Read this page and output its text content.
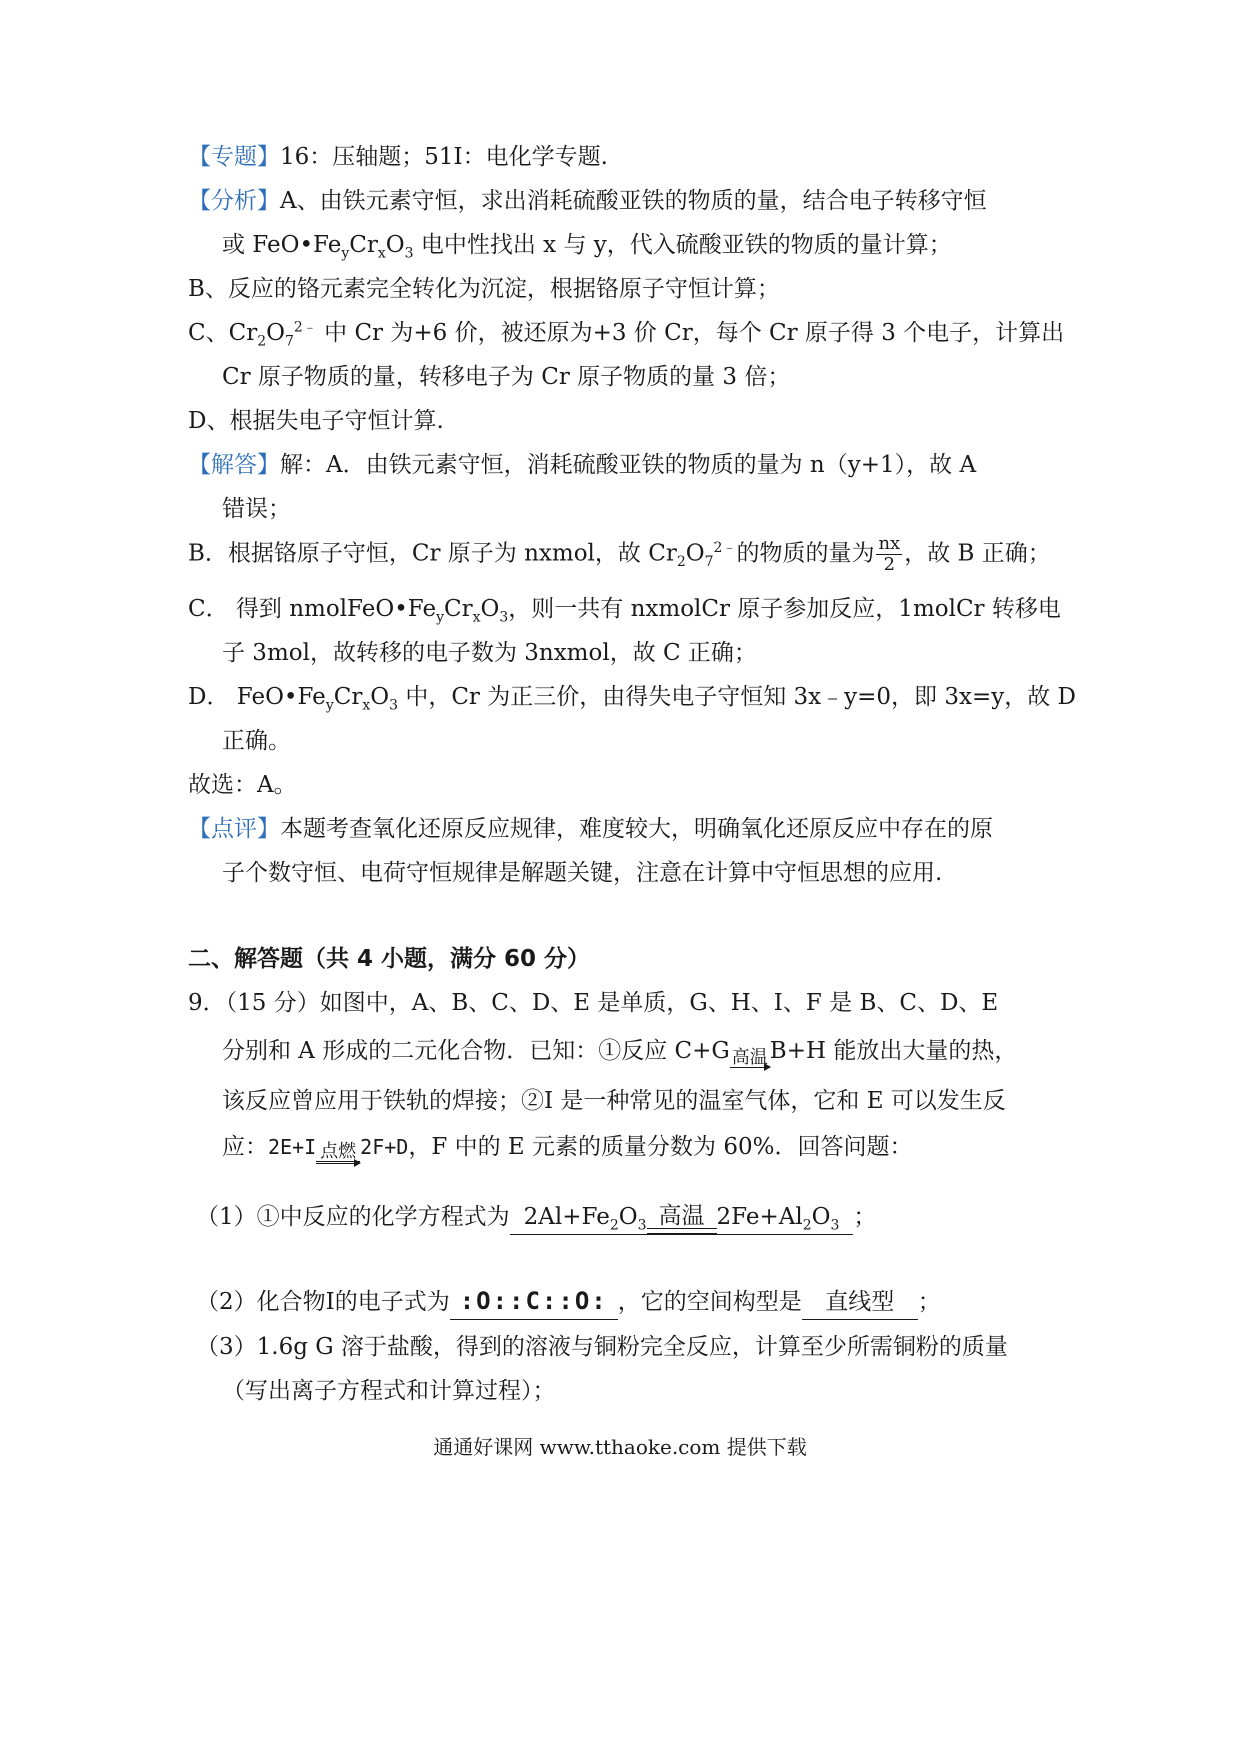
【专题】16：压轴题；51I：电化学专题.
【分析】A、由铁元素守恒，求出消耗硫酸亚铁的物质的量，结合电子转移守恒
或 $FeO•Fe_yCr_xO_3$ 电中性找出 x 与 y，代入硫酸亚铁的物质的量计算；
B、反应的铬元素完全转化为沉淀，根据铬原子守恒计算；
C、$Cr_2O_7^{2﹣}$ 中 Cr 为+6 价，被还原为+3 价 Cr，每个 Cr 原子得 3 个电子，计算出
Cr 原子物质的量，转移电子为 Cr 原子物质的量 3 倍；
D、根据失电子守恒计算.
【解答】解：A．由铁元素守恒，消耗硫酸亚铁的物质的量为 n（y+1），故 A
错误；
B．根据铬原子守恒，Cr 原子为 nxmol，故 $Cr_2O_7^{2﹣}$的物质的量为 $\frac{nx}{2}$ ，故 B 正确；
C． 得到 $nmolFeO•Fe_yCr_xO_3$，则一共有 nxmolCr 原子参加反应，1molCr 转移电
子 3mol，故转移的电子数为 3nxmol，故 C 正确；
D． $FeO•Fe_yCr_xO_3$ 中，Cr 为正三价，由得失电子守恒知 3x﹣y=0，即 3x=y，故 D
正确。
故选：A。
【点评】本题考查氧化还原反应规律，难度较大，明确氧化还原反应中存在的原
子个数守恒、电荷守恒规律是解题关键，注意在计算中守恒思想的应用.
二、解答题（共 4 小题，满分 60 分）
9．（15 分）如图中，A、B、C、D、E 是单质，G、H、I、F 是 B、C、D、E
分别和 A 形成的二元化合物．已知：①反应 C+G 高温 B+H 能放出大量的热，
该反应曾应用于铁轨的焊接；②I 是一种常见的温室气体，它和 E 可以发生反
应：2E+I 点燃 2F+D，F 中的 E 元素的质量分数为 60%．回答问题：
（1）①中反应的化学方程式为 $2Al+Fe_2O_3$ 高温 $2Fe+Al_2O_3$ ；
（2）化合物I的电子式为 :O::C::O: ，它的空间构型是 直线型 ；
（3）1.6g G 溶于盐酸，得到的溶液与铜粉完全反应，计算至少所需铜粉的质量
（写出离子方程式和计算过程）；
通通好课网 www.tthaoke.com 提供下载
